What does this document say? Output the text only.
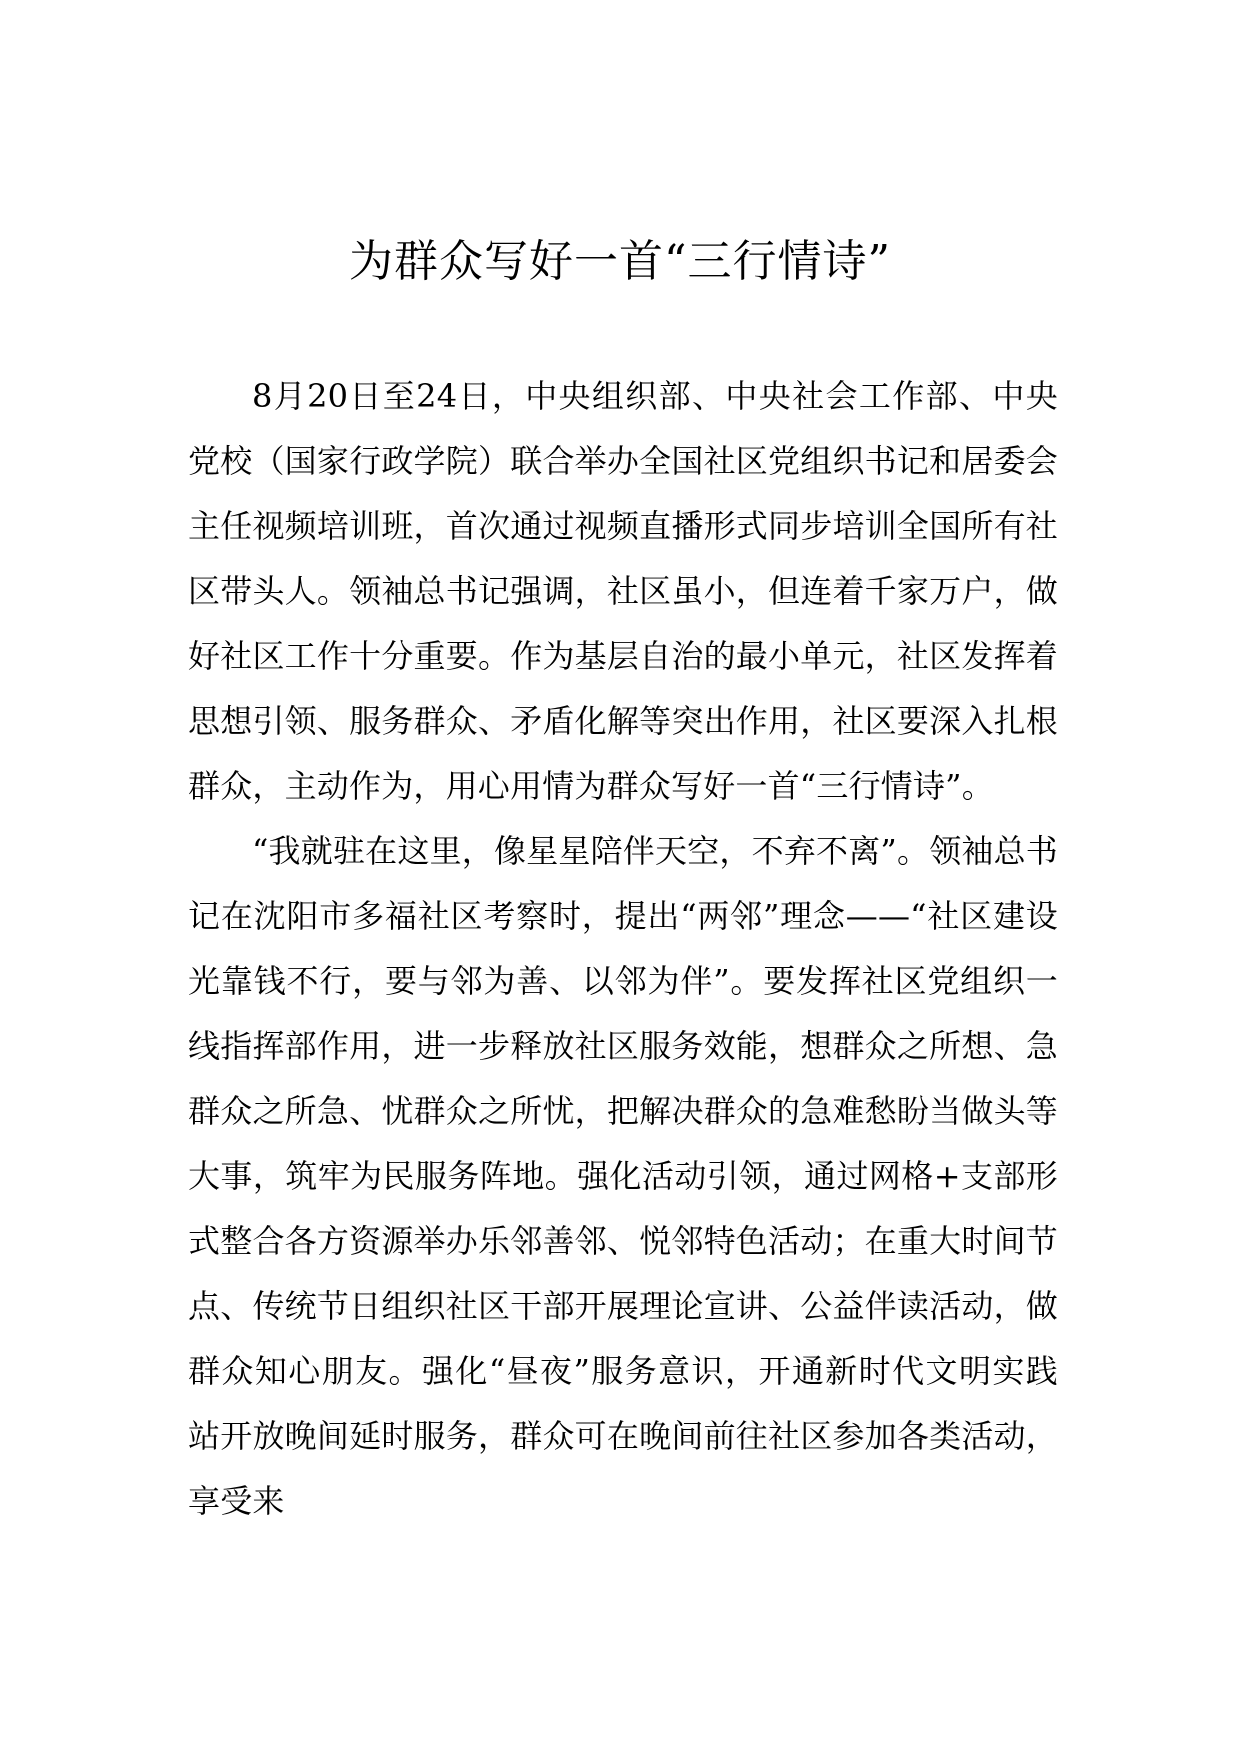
为群众写好一首“三行情诗”

8月20日至24日，中央组织部、中央社会工作部、中央党校（国家行政学院）联合举办全国社区党组织书记和居委会主任视频培训班，首次通过视频直播形式同步培训全国所有社区带头人。领袖总书记强调，社区虽小，但连着千家万户，做好社区工作十分重要。作为基层自治的最小单元，社区发挥着思想引领、服务群众、矛盾化解等突出作用，社区要深入扎根群众，主动作为，用心用情为群众写好一首“三行情诗”。

“我就驻在这里，像星星陪伴天空，不弃不离”。领袖总书记在沈阳市多福社区考察时，提出“两邻”理念——“社区建设光靠钱不行，要与邻为善、以邻为伴”。要发挥社区党组织一线指挥部作用，进一步释放社区服务效能，想群众之所想、急群众之所急、忧群众之所忧，把解决群众的急难愁盼当做头等大事，筑牢为民服务阵地。强化活动引领，通过网格+支部形式整合各方资源举办乐邻善邻、悦邻特色活动；在重大时间节点、传统节日组织社区干部开展理论宣讲、公益伴读活动，做群众知心朋友。强化“昼夜”服务意识，开通新时代文明实践站开放晚间延时服务，群众可在晚间前往社区参加各类活动，享受来
